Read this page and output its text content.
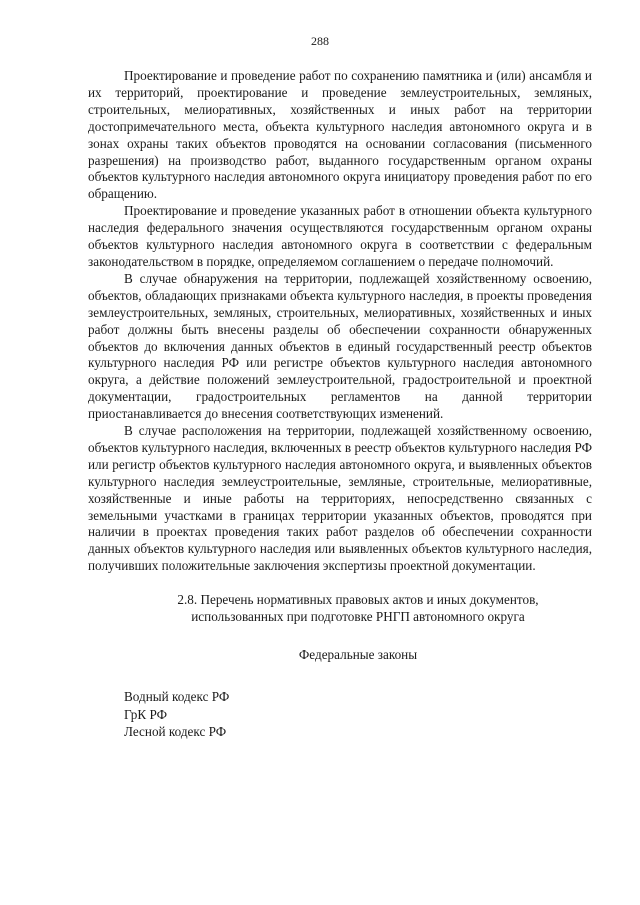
288

Проектирование и проведение работ по сохранению памятника и (или) ансамбля и их территорий, проектирование и проведение землеустроительных, земляных, строительных, мелиоративных, хозяйственных и иных работ на территории достопримечательного места, объекта культурного наследия автономного округа и в зонах охраны таких объектов проводятся на основании согласования (письменного разрешения) на производство работ, выданного государственным органом охраны объектов культурного наследия автономного округа инициатору проведения работ по его обращению.

Проектирование и проведение указанных работ в отношении объекта культурного наследия федерального значения осуществляются государственным органом охраны объектов культурного наследия автономного округа в соответствии с федеральным законодательством в порядке, определяемом соглашением о передаче полномочий.

В случае обнаружения на территории, подлежащей хозяйственному освоению, объектов, обладающих признаками объекта культурного наследия, в проекты проведения землеустроительных, земляных, строительных, мелиоративных, хозяйственных и иных работ должны быть внесены разделы об обеспечении сохранности обнаруженных объектов до включения данных объектов в единый государственный реестр объектов культурного наследия РФ или регистре объектов культурного наследия автономного округа, а действие положений землеустроительной, градостроительной и проектной документации, градостроительных регламентов на данной территории приостанавливается до внесения соответствующих изменений.

В случае расположения на территории, подлежащей хозяйственному освоению, объектов культурного наследия, включенных в реестр объектов культурного наследия РФ или регистр объектов культурного наследия автономного округа, и выявленных объектов культурного наследия землеустроительные, земляные, строительные, мелиоративные, хозяйственные и иные работы на территориях, непосредственно связанных с земельными участками в границах территории указанных объектов, проводятся при наличии в проектах проведения таких работ разделов об обеспечении сохранности данных объектов культурного наследия или выявленных объектов культурного наследия, получивших положительные заключения экспертизы проектной документации.

2.8. Перечень нормативных правовых актов и иных документов,
использованных при подготовке РНГП автономного округа
Федеральные законы
Водный кодекс РФ
ГрК РФ
Лесной кодекс РФ
